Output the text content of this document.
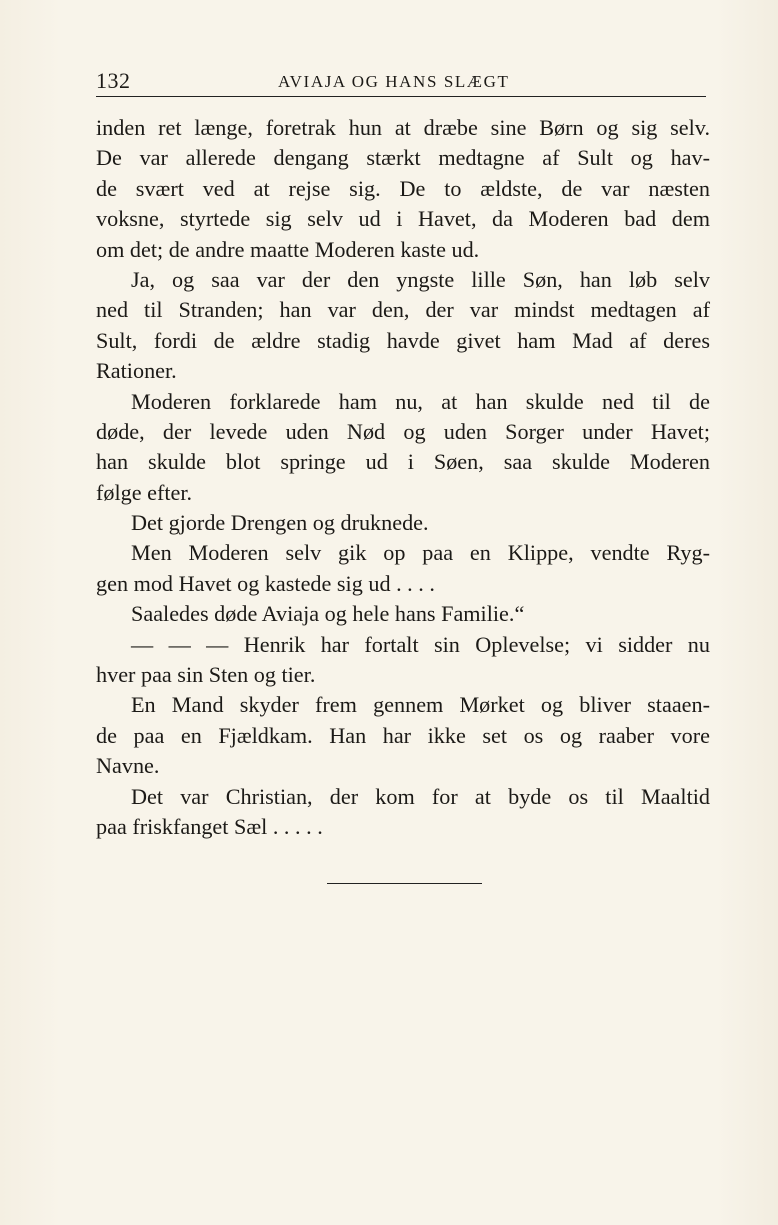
132	AVIAJA OG HANS SLÆGT
inden ret længe, foretrak hun at dræbe sine Børn og sig selv.
De var allerede dengang stærkt medtagne af Sult og hav-
de svært ved at rejse sig. De to ældste, de var næsten
voksne, styrtede sig selv ud i Havet, da Moderen bad dem
om det; de andre maatte Moderen kaste ud.
Ja, og saa var der den yngste lille Søn, han løb selv
ned til Stranden; han var den, der var mindst medtagen af
Sult, fordi de ældre stadig havde givet ham Mad af deres
Rationer.
Moderen forklarede ham nu, at han skulde ned til de
døde, der levede uden Nød og uden Sorger under Havet;
han skulde blot springe ud i Søen, saa skulde Moderen
følge efter.
Det gjorde Drengen og druknede.
Men Moderen selv gik op paa en Klippe, vendte Ryg-
gen mod Havet og kastede sig ud . . . .
Saaledes døde Aviaja og hele hans Familie.“
— — — Henrik har fortalt sin Oplevelse; vi sidder nu
hver paa sin Sten og tier.
En Mand skyder frem gennem Mørket og bliver staaen-
de paa en Fjældkam. Han har ikke set os og raaber vore
Navne.
Det var Christian, der kom for at byde os til Maaltid
paa friskfanget Sæl . . . . .
